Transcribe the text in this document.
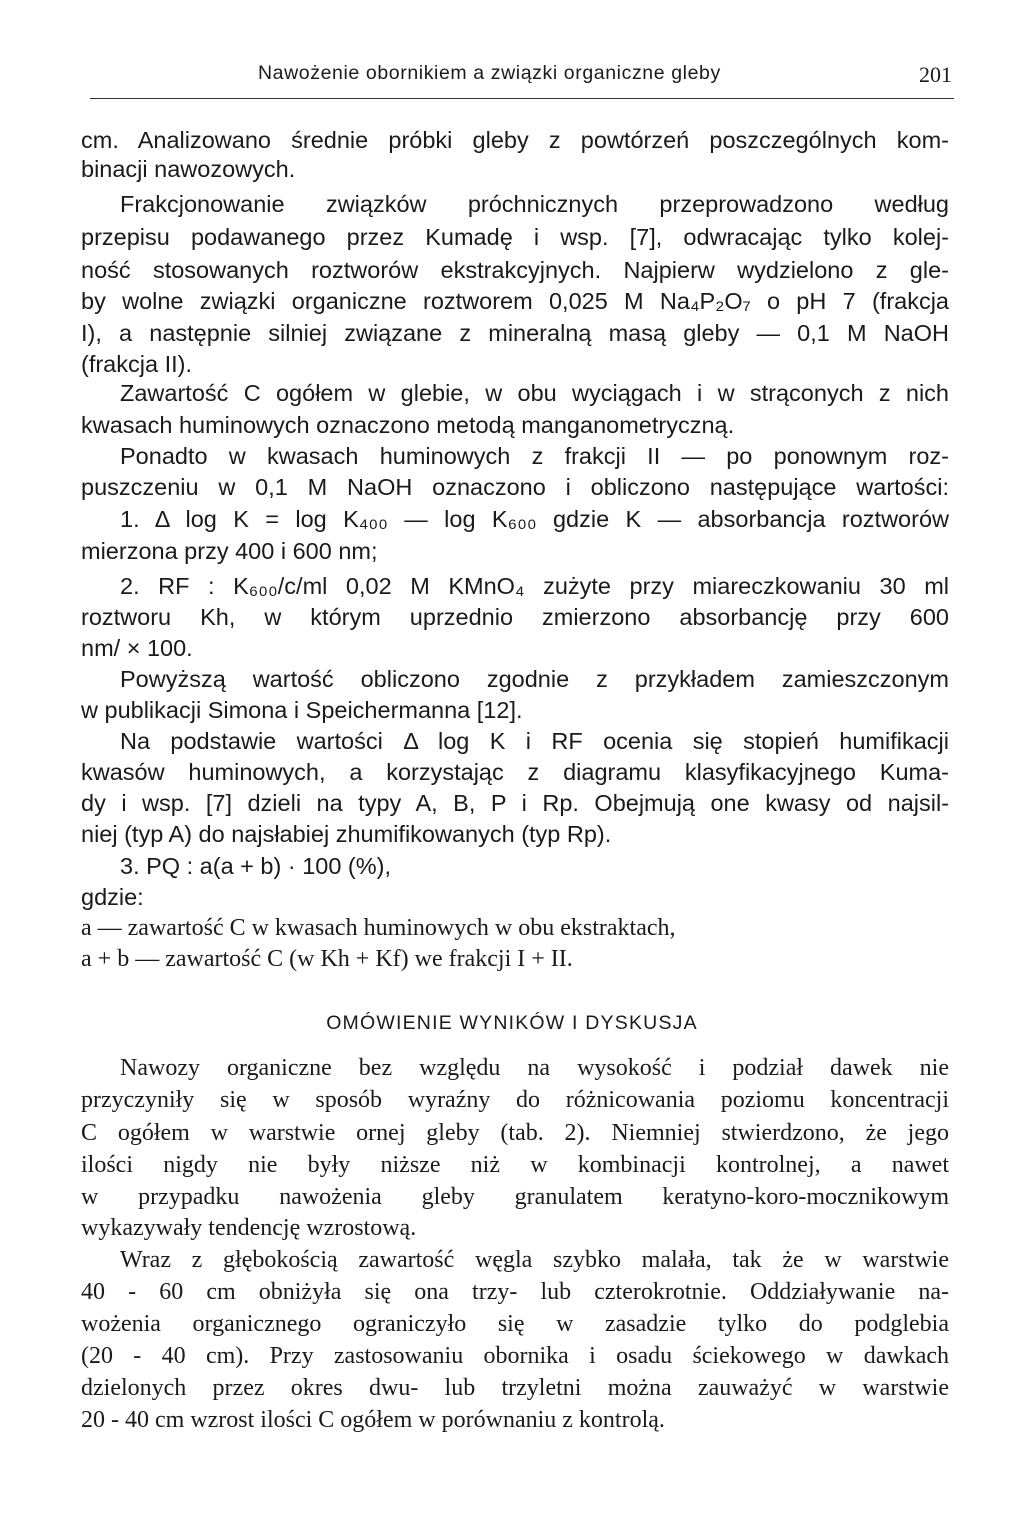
Nawożenie obornikiem a związki organiczne gleby	201
cm. Analizowano średnie próbki gleby z powtórzeń poszczególnych kom-
binacji nawozowych.
Frakcjonowanie związków próchnicznych przeprowadzono według
przepisu podawanego przez Kumadę i wsp. [7], odwracając tylko kolej-
ność stosowanych roztworów ekstrakcyjnych. Najpierw wydzielono z gle-
by wolne związki organiczne roztworem 0,025 M Na₄P₂O₇ o pH 7 (frakcja
I), a następnie silniej związane z mineralną masą gleby — 0,1 M NaOH
(frakcja II).
Zawartość C ogółem w glebie, w obu wyciągach i w strąconych z nich
kwasach huminowych oznaczono metodą manganometryczną.
Ponadto w kwasach huminowych z frakcji II — po ponownym roz-
puszczeniu w 0,1 M NaOH oznaczono i obliczono następujące wartości:
1. Δ log K = log K₄₀₀ — log K₆₀₀ gdzie K — absorbancja roztworów
mierzona przy 400 i 600 nm;
2. RF : K₆₀₀/c/ml 0,02 M KMnO₄ zużyte przy miareczkowaniu 30 ml
roztworu Kh, w którym uprzednio zmierzono absorbancję przy 600
nm/ × 100.
Powyższą wartość obliczono zgodnie z przykładem zamieszczonym
w publikacji Simona i Speichermanna [12].
Na podstawie wartości Δ log K i RF ocenia się stopień humifikacji
kwasów huminowych, a korzystając z diagramu klasyfikacyjnego Kuma-
dy i wsp. [7] dzieli na typy A, B, P i Rp. Obejmują one kwasy od najsil-
niej (typ A) do najsłabiej zhumifikowanych (typ Rp).
3. PQ : a(a + b) · 100 (%),
gdzie:
a — zawartość C w kwasach huminowych w obu ekstraktach,
a + b — zawartość C (w Kh + Kf) we frakcji I + II.
OMÓWIENIE WYNIKÓW I DYSKUSJA
Nawozy organiczne bez względu na wysokość i podział dawek nie
przyczyniły się w sposób wyraźny do różnicowania poziomu koncentracji
C ogółem w warstwie ornej gleby (tab. 2). Niemniej stwierdzono, że jego
ilości nigdy nie były niższe niż w kombinacji kontrolnej, a nawet
w przypadku nawożenia gleby granulatem keratyno-koro-mocznikowym
wykazywały tendencję wzrostową.
Wraz z głębokością zawartość węgla szybko malała, tak że w warstwie
40 - 60 cm obniżyła się ona trzy- lub czterokrotnie. Oddziaływanie na-
wożenia organicznego ograniczyło się w zasadzie tylko do podglebia
(20 - 40 cm). Przy zastosowaniu obornika i osadu ściekowego w dawkach
dzielonych przez okres dwu- lub trzyletni można zauważyć w warstwie
20 - 40 cm wzrost ilości C ogółem w porównaniu z kontrolą.
